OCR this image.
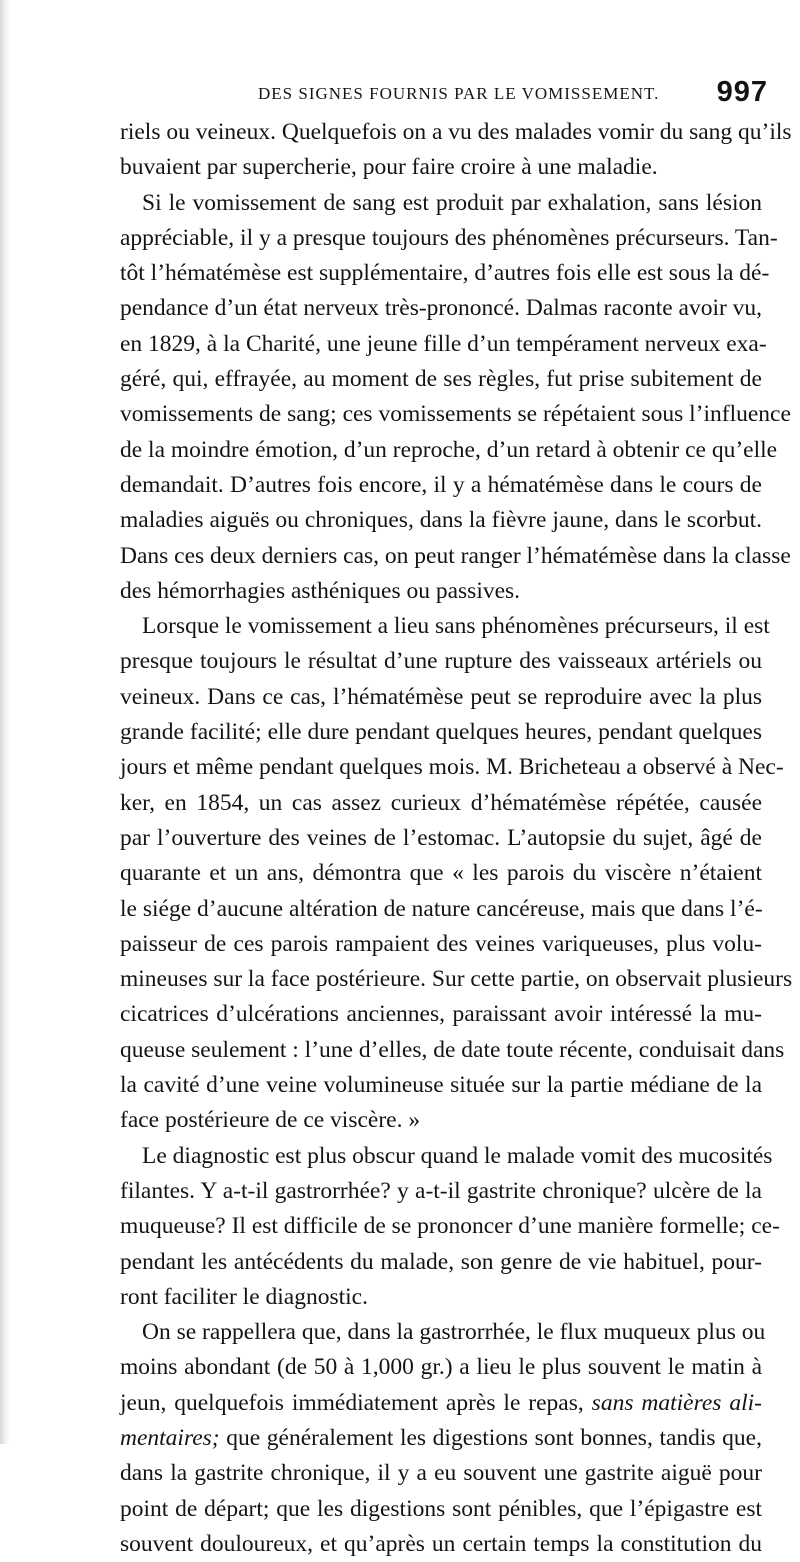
DES SIGNES FOURNIS PAR LE VOMISSEMENT. 997
riels ou veineux. Quelquefois on a vu des malades vomir du sang qu’ils
buvaient par supercherie, pour faire croire à une maladie.
Si le vomissement de sang est produit par exhalation, sans lésion
appréciable, il y a presque toujours des phénomènes précurseurs. Tan-
tôt l’hématémèse est supplémentaire, d’autres fois elle est sous la dé-
pendance d’un état nerveux très-prononcé. Dalmas raconte avoir vu,
en 1829, à la Charité, une jeune fille d’un tempérament nerveux exa-
géré, qui, effrayée, au moment de ses règles, fut prise subitement de
vomissements de sang; ces vomissements se répétaient sous l’influence
de la moindre émotion, d’un reproche, d’un retard à obtenir ce qu’elle
demandait. D’autres fois encore, il y a hématémèse dans le cours de
maladies aiguës ou chroniques, dans la fièvre jaune, dans le scorbut.
Dans ces deux derniers cas, on peut ranger l’hématémèse dans la classe
des hémorrhagies asthéniques ou passives.
Lorsque le vomissement a lieu sans phénomènes précurseurs, il est
presque toujours le résultat d’une rupture des vaisseaux artériels ou
veineux. Dans ce cas, l’hématémèse peut se reproduire avec la plus
grande facilité; elle dure pendant quelques heures, pendant quelques
jours et même pendant quelques mois. M. Bricheteau a observé à Nec-
ker, en 1854, un cas assez curieux d’hématémèse répétée, causée
par l’ouverture des veines de l’estomac. L’autopsie du sujet, âgé de
quarante et un ans, démontra que « les parois du viscère n’étaient
le siége d’aucune altération de nature cancéreuse, mais que dans l’é-
paisseur de ces parois rampaient des veines variqueuses, plus volu-
mineuses sur la face postérieure. Sur cette partie, on observait plusieurs
cicatrices d’ulcérations anciennes, paraissant avoir intéressé la mu-
queuse seulement : l’une d’elles, de date toute récente, conduisait dans
la cavité d’une veine volumineuse située sur la partie médiane de la
face postérieure de ce viscère. »
Le diagnostic est plus obscur quand le malade vomit des mucosités
filantes. Y a-t-il gastrorrhée? y a-t-il gastrite chronique? ulcère de la
muqueuse? Il est difficile de se prononcer d’une manière formelle; ce-
pendant les antécédents du malade, son genre de vie habituel, pour-
ront faciliter le diagnostic.
On se rappellera que, dans la gastrorrhée, le flux muqueux plus ou
moins abondant (de 50 à 1,000 gr.) a lieu le plus souvent le matin à
jeun, quelquefois immédiatement après le repas, sans matières ali-
mentaires; que généralement les digestions sont bonnes, tandis que,
dans la gastrite chronique, il y a eu souvent une gastrite aiguë pour
point de départ; que les digestions sont pénibles, que l’épigastre est
souvent douloureux, et qu’après un certain temps la constitution du
